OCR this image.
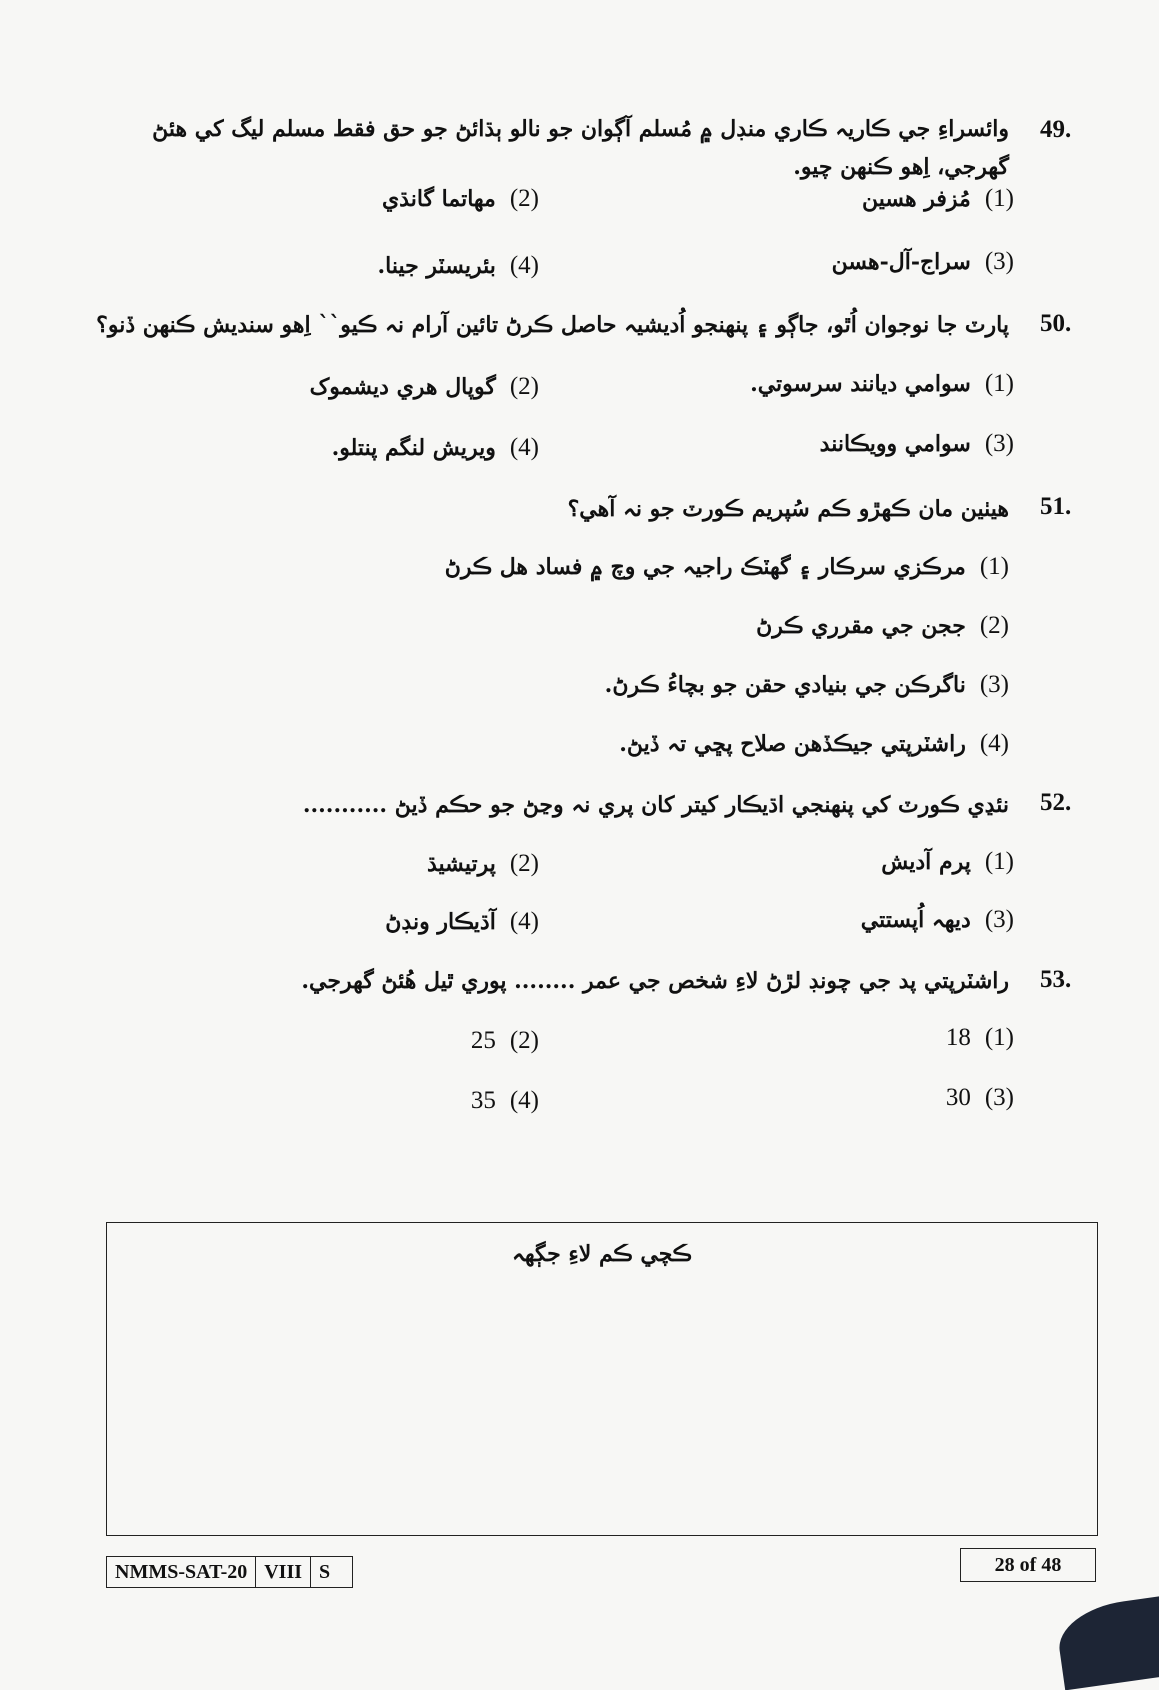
49.
وائسراءِ جي ڪاريہ ڪاري منڊل ۾ مُسلم آڳوان جو نالو ٻڌائڻ جو حق فقط مسلم ليگ کي هئڻ گهرجي، اِهو ڪنهن چيو.
(1)مُزفر هسين
(2)مهاتما گانڌي
(3)سراج-آل-هسن
(4)بئريسٽر جينا.
50.
پارٽ جا نوجوان اُٿو، جاڳو ۽ پنهنجو اُديشيہ حاصل ڪرڻ تائين آرام نہ ڪيو`` اِهو سنديش ڪنهن ڏنو؟
(1)سوامي ديانند سرسوتي.
(2)گوپال هري ديشموک
(3)سوامي وويڪانند
(4)ويريش لنگم پنتلو.
51.
هيٺين مان ڪهڙو ڪم سُپريم ڪورٽ جو نہ آهي؟
(1)مرڪزي سرڪار ۽ گهٽڪ راجيہ جي وچ ۾ فساد هل ڪرڻ
(2)ججن جي مقرري ڪرڻ
(3)ناگرڪن جي بنيادي حقن جو بچاءُ ڪرڻ.
(4)راشٽرپتي جيڪڏهن صلاح پڇي تہ ڏيڻ.
52.
نئڍي ڪورٽ کي پنهنجي اڌيڪار کيتر کان پري نہ وڃڻ جو حڪم ڏيڻ ...........
(1)پرم آديش
(2)پرتيشيڌ
(3)ديهہ اُپستتي
(4)آڌيڪار ونڊڻ
53.
راشٽرپتي پد جي چونڊ لڙڻ لاءِ شخص جي عمر ........ پوري ٿيل هُئڻ گهرجي.
(1)18
(2)25
(3)30
(4)35
ڪچي ڪم لاءِ جڳهہ
NMMS-SAT-20 VIII S	28 of 48
